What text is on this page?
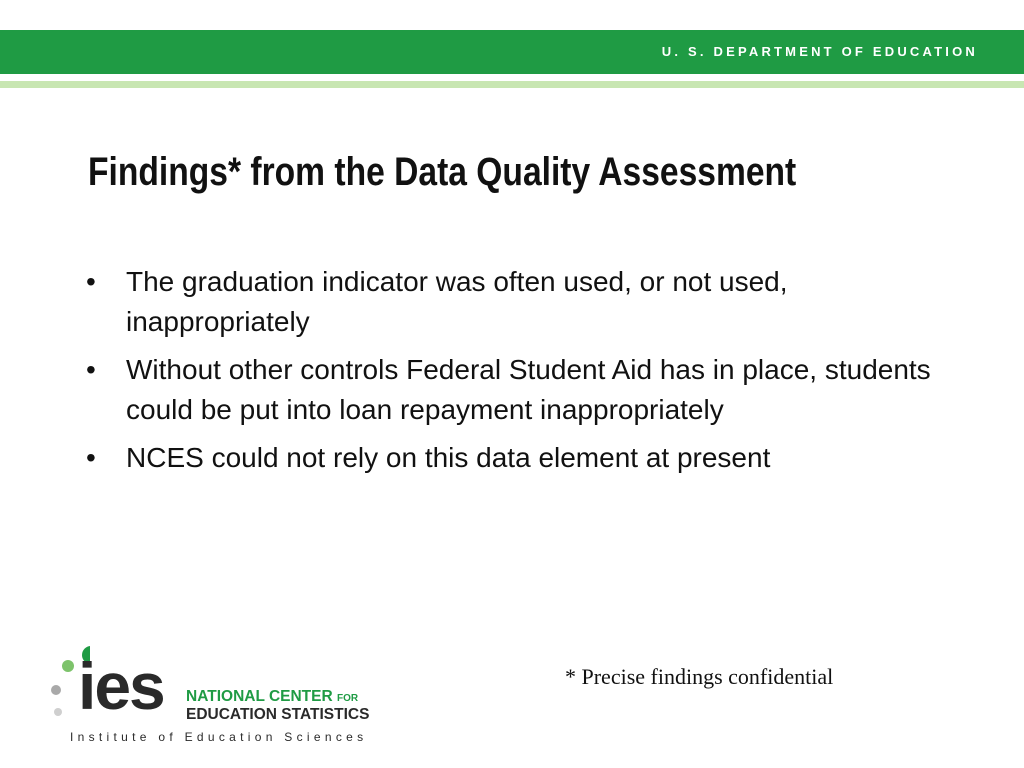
U. S. DEPARTMENT OF EDUCATION
Findings* from the Data Quality Assessment
• The graduation indicator was often used, or not used, inappropriately
• Without other controls Federal Student Aid has in place, students could be put into loan repayment inappropriately
• NCES could not rely on this data element at present
* Precise findings confidential
ies NATIONAL CENTER FOR
EDUCATION STATISTICS
Institute of Education Sciences
